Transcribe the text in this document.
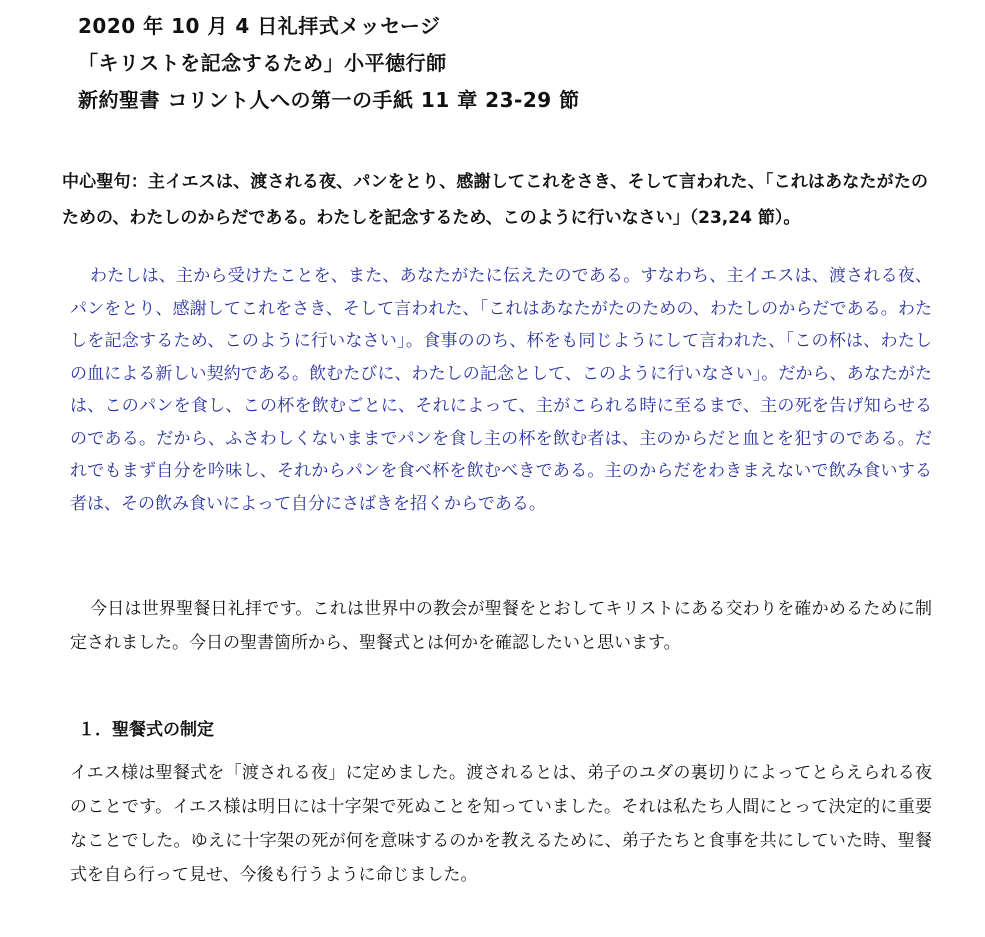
2020 年 10 月 4 日礼拝式メッセージ
「キリストを記念するため」小平徳行師
新約聖書 コリント人への第一の手紙 11 章 23-29 節

中心聖句：主イエスは、渡される夜、パンをとり、感謝してこれをさき、そして言われた、「これはあなたがたのための、わたしのからだである。わたしを記念するため、このように行いなさい」（23,24 節）。

わたしは、主から受けたことを、また、あなたがたに伝えたのである。すなわち、主イエスは、渡される夜、パンをとり、感謝してこれをさき、そして言われた、「これはあなたがたのための、わたしのからだである。わたしを記念するため、このように行いなさい」。食事ののち、杯をも同じようにして言われた、「この杯は、わたしの血による新しい契約である。飲むたびに、わたしの記念として、このように行いなさい」。だから、あなたがたは、このパンを食し、この杯を飲むごとに、それによって、主がこられる時に至るまで、主の死を告げ知らせるのである。だから、ふさわしくないままでパンを食し主の杯を飲む者は、主のからだと血とを犯すのである。だれでもまず自分を吟味し、それからパンを食べ杯を飲むべきである。主のからだをわきまえないで飲み食いする者は、その飲み食いによって自分にさばきを招くからである。

今日は世界聖餐日礼拝です。これは世界中の教会が聖餐をとおしてキリストにある交わりを確かめるために制定されました。今日の聖書箇所から、聖餐式とは何かを確認したいと思います。

１．聖餐式の制定

イエス様は聖餐式を「渡される夜」に定めました。渡されるとは、弟子のユダの裏切りによってとらえられる夜のことです。イエス様は明日には十字架で死ぬことを知っていました。それは私たち人間にとって決定的に重要なことでした。ゆえに十字架の死が何を意味するのかを教えるために、弟子たちと食事を共にしていた時、聖餐式を自ら行って見せ、今後も行うように命じました。
